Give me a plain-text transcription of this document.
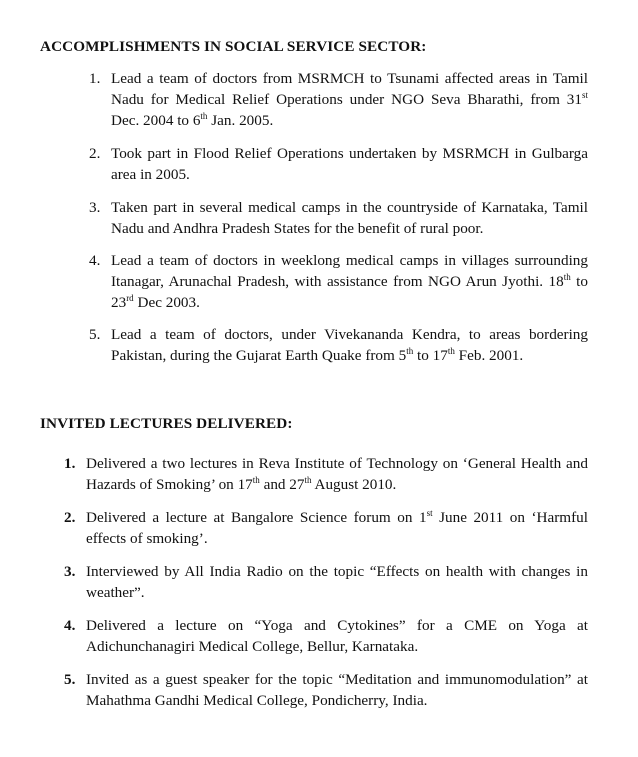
ACCOMPLISHMENTS IN SOCIAL SERVICE SECTOR:

1. Lead a team of doctors from MSRMCH to Tsunami affected areas in Tamil Nadu for Medical Relief Operations under NGO Seva Bharathi, from 31st Dec. 2004 to 6th Jan. 2005.

2. Took part in Flood Relief Operations undertaken by MSRMCH in Gulbarga area in 2005.

3. Taken part in several medical camps in the countryside of Karnataka, Tamil Nadu and Andhra Pradesh States for the benefit of rural poor.

4. Lead a team of doctors in weeklong medical camps in villages surrounding Itanagar, Arunachal Pradesh, with assistance from NGO Arun Jyothi. 18th to 23rd Dec 2003.

5. Lead a team of doctors, under Vivekananda Kendra, to areas bordering Pakistan, during the Gujarat Earth Quake from 5th to 17th Feb. 2001.

INVITED LECTURES DELIVERED:

1. Delivered a two lectures in Reva Institute of Technology on ‘General Health and Hazards of Smoking’ on 17th and 27th August 2010.

2. Delivered a lecture at Bangalore Science forum on 1st June 2011 on ‘Harmful effects of smoking’.

3. Interviewed by All India Radio on the topic “Effects on health with changes in weather”.

4. Delivered a lecture on “Yoga and Cytokines” for a CME on Yoga at Adichunchanagiri Medical College, Bellur, Karnataka.

5. Invited as a guest speaker for the topic “Meditation and immunomodulation” at Mahathma Gandhi Medical College, Pondicherry, India.
